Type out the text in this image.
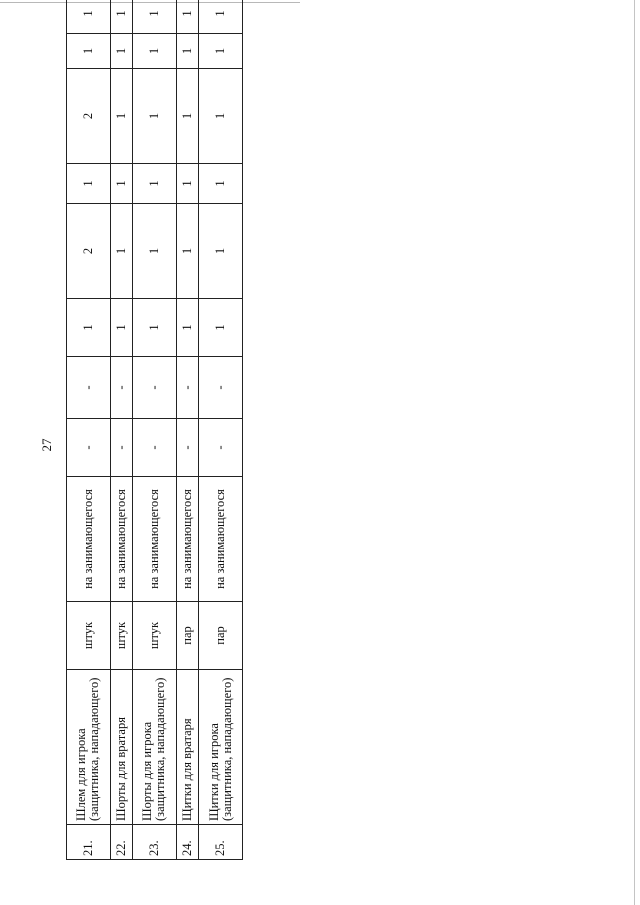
27
21.	Шлем для игрока (защитника, нападающего)	штук	на занимающегося	-	-	1	2	1	2	1	1
22.	Шорты для вратаря	штук	на занимающегося	-	-	1	1	1	1	1	1
23.	Шорты для игрока (защитника, нападающего)	штук	на занимающегося	-	-	1	1	1	1	1	1
24.	Щитки для вратаря	пар	на занимающегося	-	-	1	1	1	1	1	1
25.	Щитки для игрока (защитника, нападающего)	пар	на занимающегося	-	-	1	1	1	1	1	1
